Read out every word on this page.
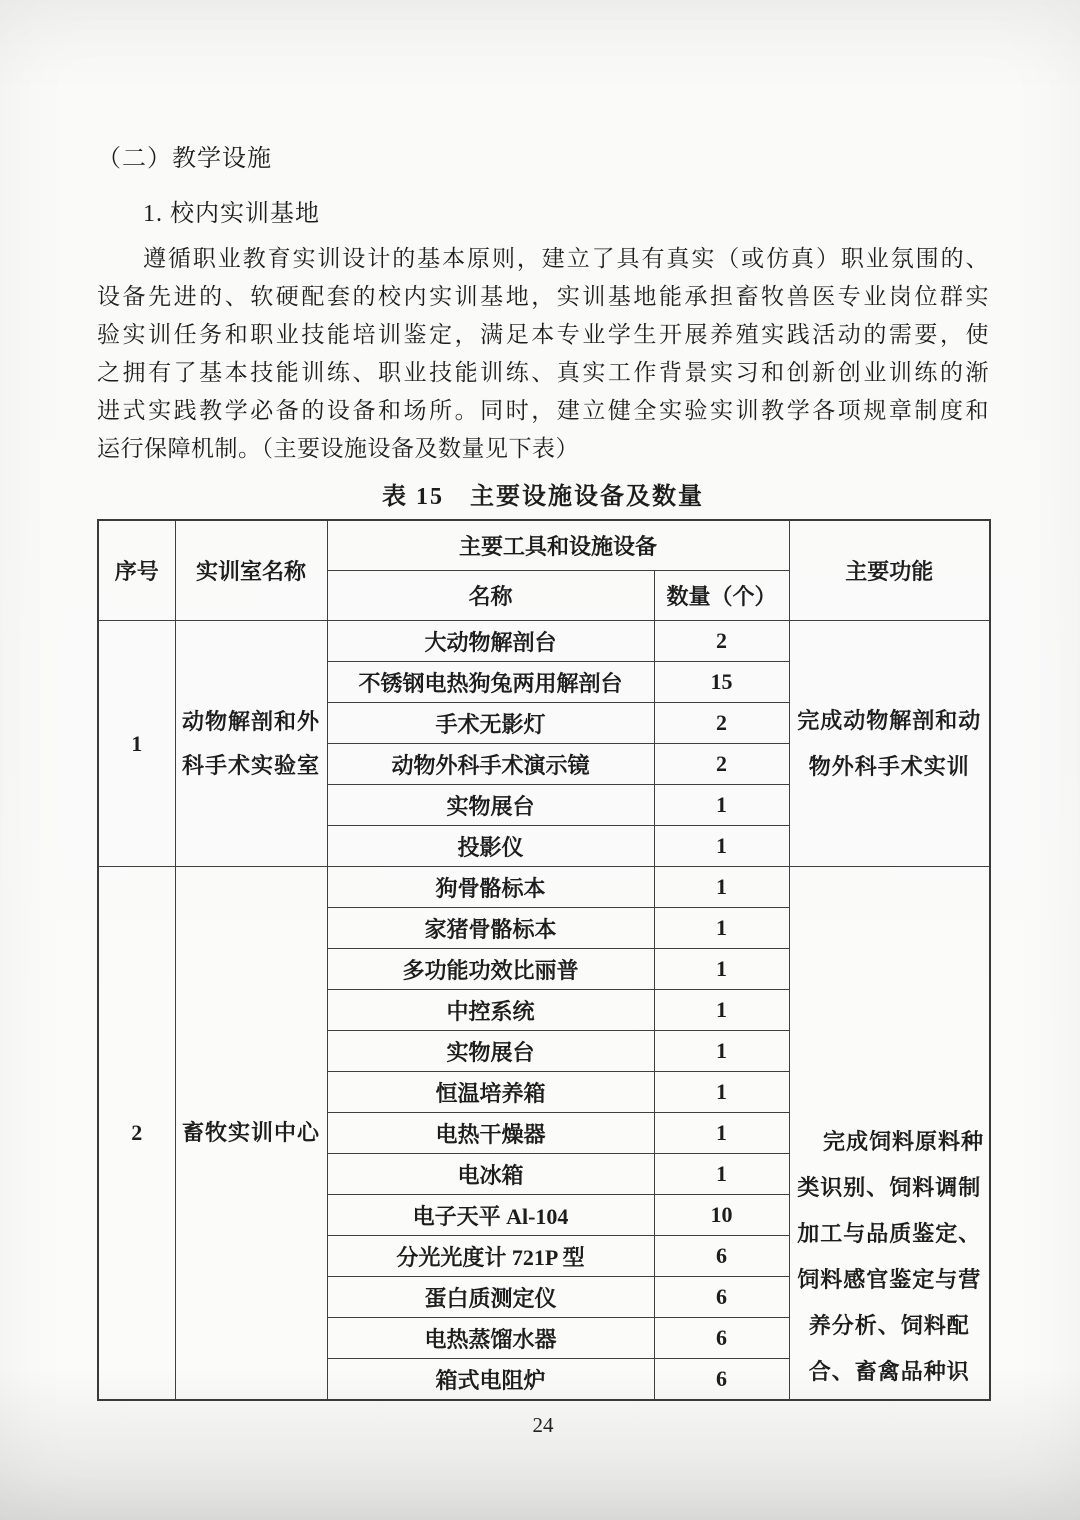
（二）教学设施
1. 校内实训基地
遵循职业教育实训设计的基本原则，建立了具有真实（或仿真）职业氛围的、
设备先进的、软硬配套的校内实训基地，实训基地能承担畜牧兽医专业岗位群实
验实训任务和职业技能培训鉴定，满足本专业学生开展养殖实践活动的需要，使
之拥有了基本技能训练、职业技能训练、真实工作背景实习和创新创业训练的渐
进式实践教学必备的设备和场所。同时，建立健全实验实训教学各项规章制度和
运行保障机制。（主要设施设备及数量见下表）
表 15　主要设施设备及数量
序号	实训室名称	主要工具和设施设备		主要功能
		名称	数量（个）	
1	动物解剖和外科手术实验室	大动物解剖台	2	完成动物解剖和动物外科手术实训

		不锈钢电热狗兔两用解剖台	15	
		手术无影灯	2	
		动物外科手术演示镜	2	
		实物展台	1	
		投影仪	1	
2	畜牧实训中心	狗骨骼标本	1	完成饲料原料种类识别、饲料调制加工与品质鉴定、饲料感官鉴定与营养分析、饲料配合、畜禽品种识

		家猪骨骼标本	1	
		多功能功效比丽普	1	
		中控系统	1	
		实物展台	1	
		恒温培养箱	1	
		电热干燥器	1	
		电冰箱	1	
		电子天平 Al-104	10	
		分光光度计 721P 型	6	
		蛋白质测定仪	6	
		电热蒸馏水器	6	
		箱式电阻炉	6	
24
